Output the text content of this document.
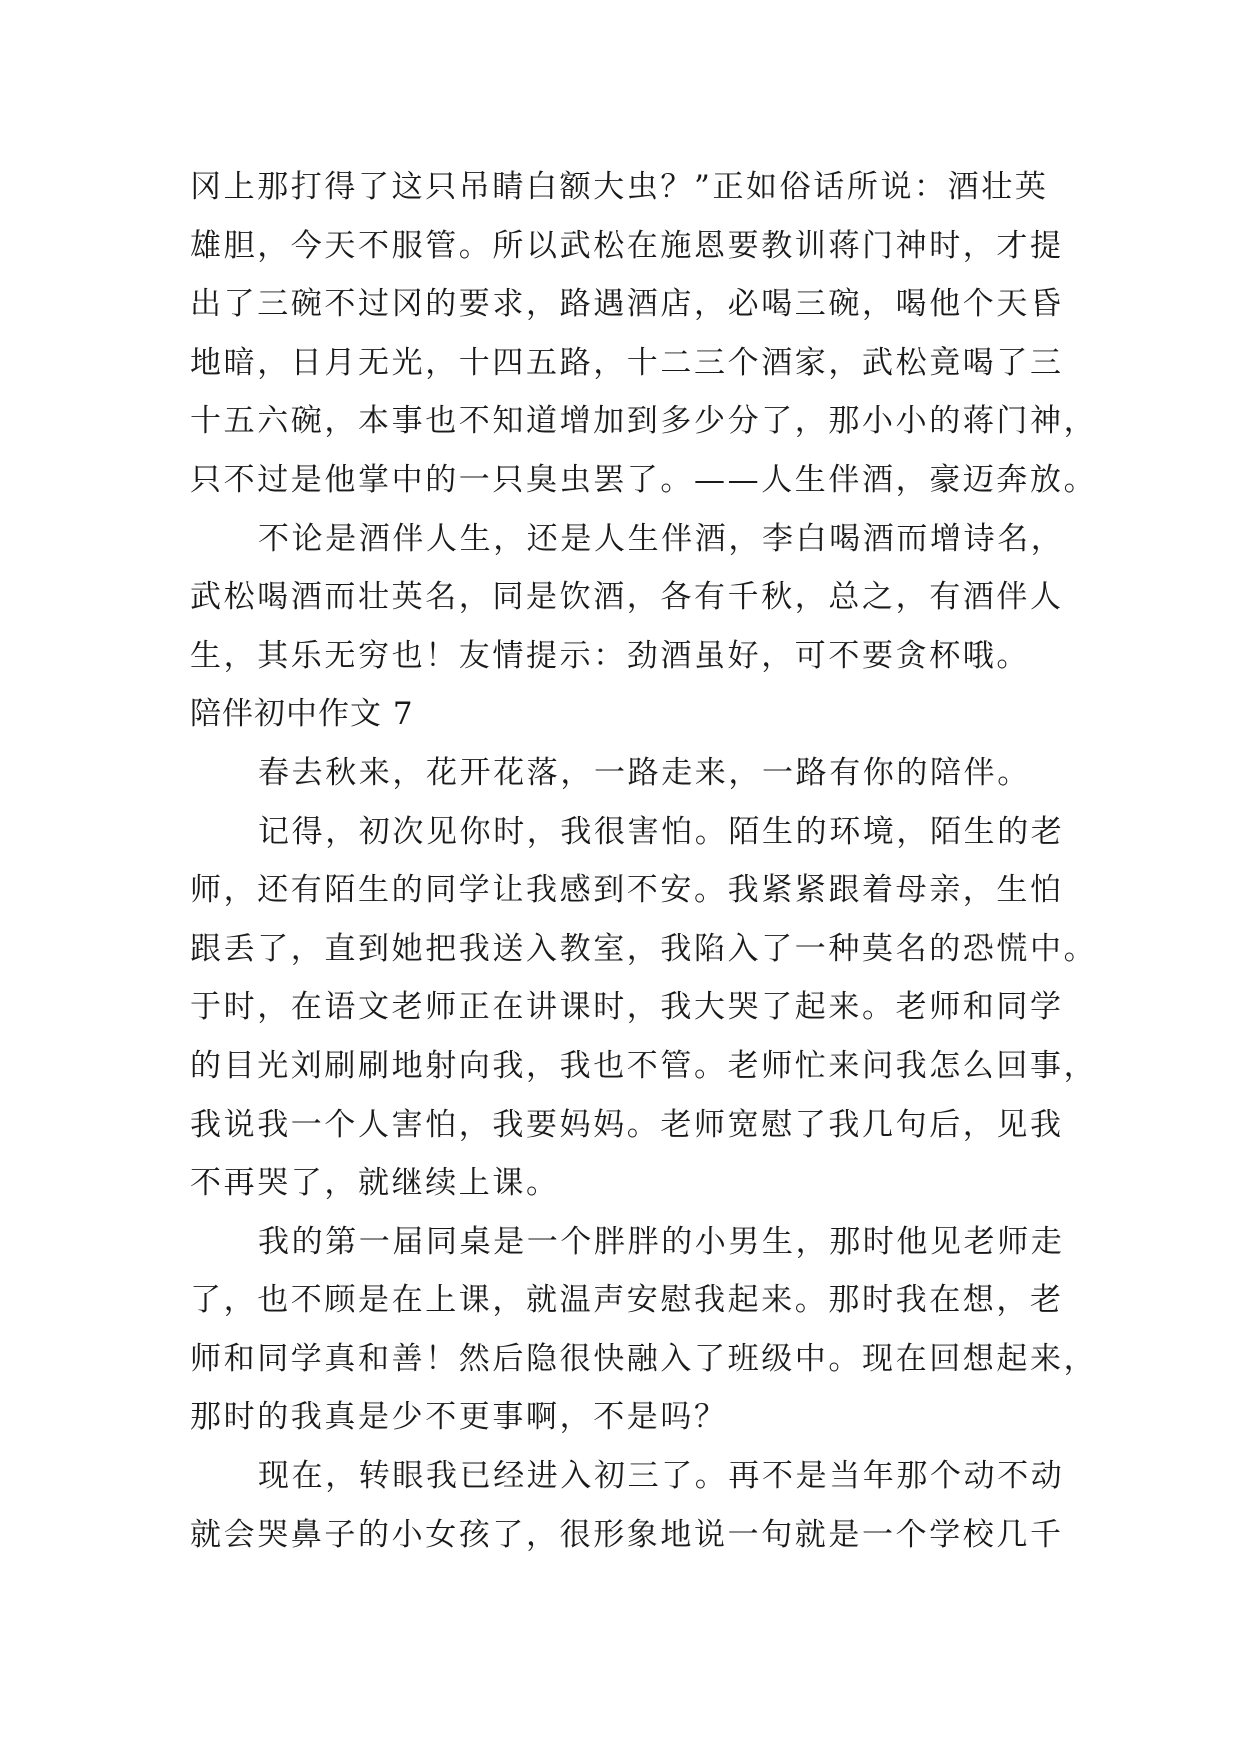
冈上那打得了这只吊睛白额大虫？”正如俗话所说：酒壮英
雄胆，今天不服管。所以武松在施恩要教训蒋门神时，才提
出了三碗不过冈的要求，路遇酒店，必喝三碗，喝他个天昏
地暗，日月无光，十四五路，十二三个酒家，武松竟喝了三
十五六碗，本事也不知道增加到多少分了，那小小的蒋门神，
只不过是他掌中的一只臭虫罢了。——人生伴酒，豪迈奔放。
不论是酒伴人生，还是人生伴酒，李白喝酒而增诗名，
武松喝酒而壮英名，同是饮酒，各有千秋，总之，有酒伴人
生，其乐无穷也！友情提示：劲酒虽好，可不要贪杯哦。
陪伴初中作文 7
春去秋来，花开花落，一路走来，一路有你的陪伴。
记得，初次见你时，我很害怕。陌生的环境，陌生的老
师，还有陌生的同学让我感到不安。我紧紧跟着母亲，生怕
跟丢了，直到她把我送入教室，我陷入了一种莫名的恐慌中。
于时，在语文老师正在讲课时，我大哭了起来。老师和同学
的目光刘刷刷地射向我，我也不管。老师忙来问我怎么回事，
我说我一个人害怕，我要妈妈。老师宽慰了我几句后，见我
不再哭了，就继续上课。
我的第一届同桌是一个胖胖的小男生，那时他见老师走
了，也不顾是在上课，就温声安慰我起来。那时我在想，老
师和同学真和善！然后隐很快融入了班级中。现在回想起来，
那时的我真是少不更事啊，不是吗？
现在，转眼我已经进入初三了。再不是当年那个动不动
就会哭鼻子的小女孩了，很形象地说一句就是一个学校几千
